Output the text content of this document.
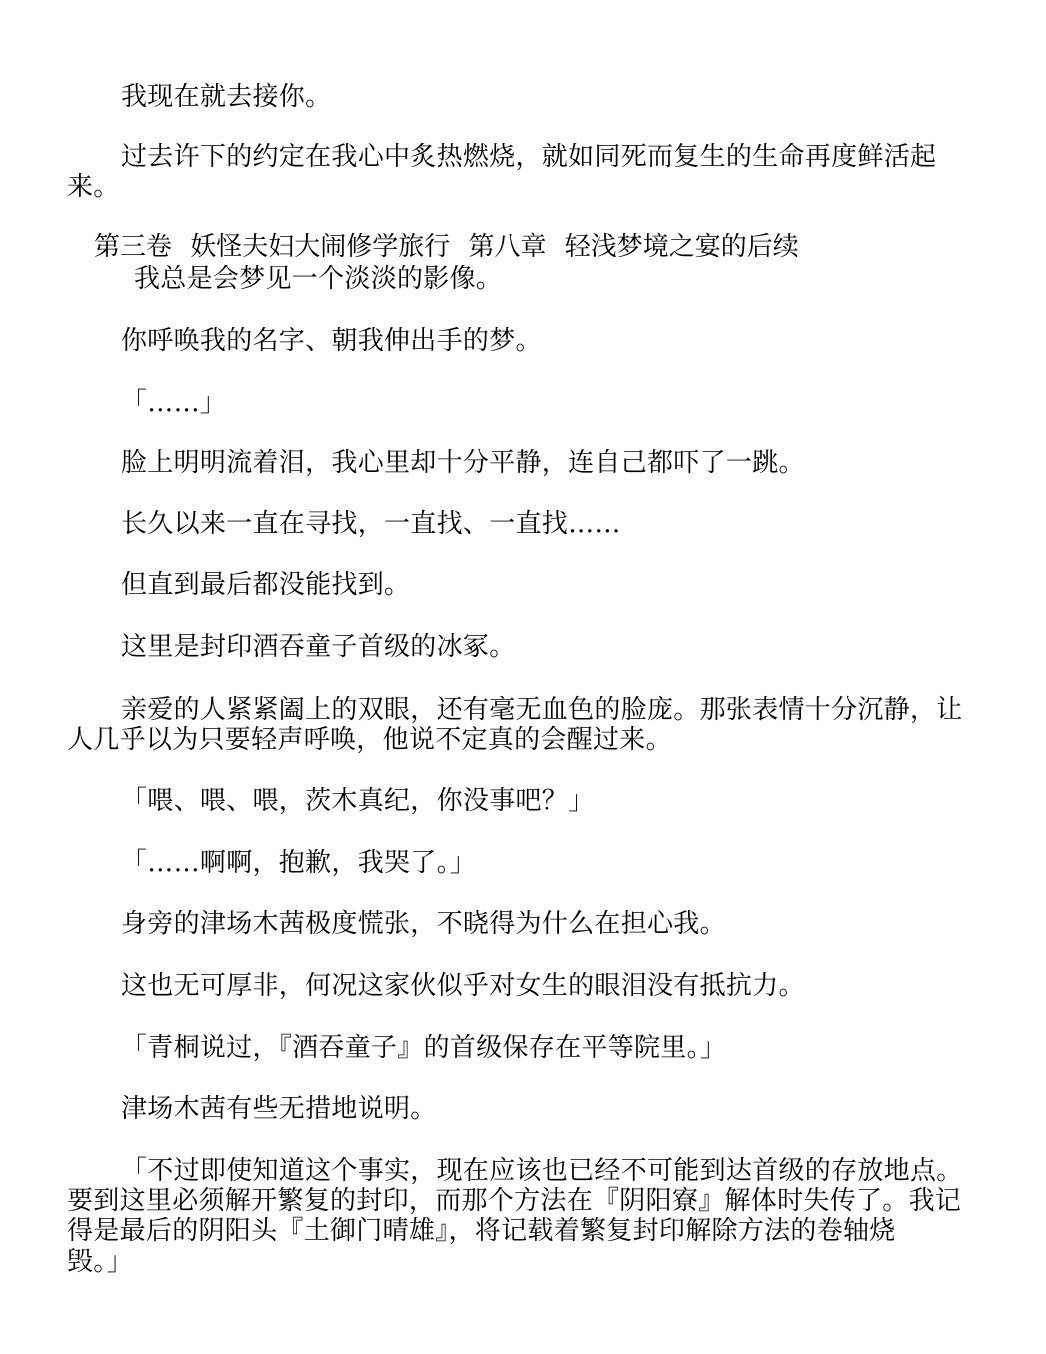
我现在就去接你。
过去许下的约定在我心中炙热燃烧，就如同死而复生的生命再度鲜活起
来。
第三卷 妖怪夫妇大闹修学旅行 第八章 轻浅梦境之宴的后续
我总是会梦见一个淡淡的影像。
你呼唤我的名字、朝我伸出手的梦。
「……」
脸上明明流着泪，我心里却十分平静，连自己都吓了一跳。
长久以来一直在寻找，一直找、一直找……
但直到最后都没能找到。
这里是封印酒吞童子首级的冰冢。
亲爱的人紧紧阖上的双眼，还有毫无血色的脸庞。那张表情十分沉静，让
人几乎以为只要轻声呼唤，他说不定真的会醒过来。
「喂、喂、喂，茨木真纪，你没事吧？」
「……啊啊，抱歉，我哭了。」
身旁的津场木茜极度慌张，不晓得为什么在担心我。
这也无可厚非，何况这家伙似乎对女生的眼泪没有抵抗力。
「青桐说过，『酒吞童子』的首级保存在平等院里。」
津场木茜有些无措地说明。
「不过即使知道这个事实，现在应该也已经不可能到达首级的存放地点。
要到这里必须解开繁复的封印，而那个方法在『阴阳寮』解体时失传了。我记
得是最后的阴阳头『土御门晴雄』，将记载着繁复封印解除方法的卷轴烧
毁。」
